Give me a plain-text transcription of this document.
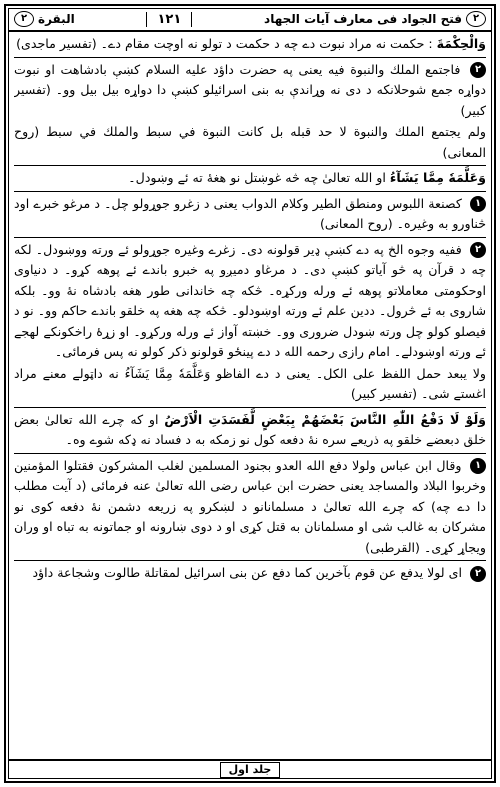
۲ البقرة	۱۲۱	فتح الجواد فی معارف آیات الجهاد	۲

وَالْحِكْمَةَ : حکمت نه مراد نبوت دے چه د حکمت د تولو نه اوچت مقام دے۔ (تفسیر ماجدی)

۲ فاجتمع الملك والنبوة فيه یعنی په حضرت داؤد علیه السلام کښې بادشاهت او نبوت دواړه جمع شوحلانکه د دی نه وړاندې به بنی اسرائیلو کښې دا دواړه بیل بیل وو۔ (تفسیر کبیر)

ولم يجتمع الملك والنبوة لا حد قبله بل كانت النبوة في سبط والملك في سبط (روح المعانی)

وَعَلَّمَهٗ مِمَّا يَشَآءُ او الله تعالیٰ چه څه غوښتل نو هغهٔ ته ئے وښودل۔

۱ کصنعة اللبوس ومنطق الطير وكلام الدواب یعنی د زغرو جوړولو چل۔ د مرغو خبرے اود څناورو به وغیره۔ (روح المعانی)

۲ ففيه وجوه الخ په دے کښې ډیر قولونه دی۔ زغرے وغیره جوړولو ئے ورته ووښودل۔ لکه چه د قرآن په څو آیاتو کښې دی۔ د مرغاو دمیږو په خبرو باندے ئے پوهه کړو۔ د دنیاوی اوحکومتی معاملاتو پوهه ئے ورله ورکړه۔ څکه چه خاندانی طور هغه بادشاه نهٔ وو۔ بلکه شاروی به ئے څرول۔ ددین علم ئے ورته اوښودلو۔ څکه چه هغه په خلقو باندے حاکم وو۔ نو د فیصلو کولو چل ورته ښودل ضروری وو۔ خښته آواز ئے ورله ورکړو۔ او زړهٔ راخکونکے لهجے ئے ورته اوښودلے۔ امام رازی رحمه الله د دے پینځو قولونو ذکر کولو نه پس فرمائی۔

ولا يبعد حمل اللفظ على الكل۔ یعنی د دے الفاظو وَعَلَّمَهٗ مِمَّا يَشَآءُ نه داټولے معنے مراد اغستے شی۔ (تفسیر کبیر)

وَلَوْ لَا دَفْعُ اللّٰهِ النَّاسَ بَعْضَهُمْ بِبَعْضٍ لَّفَسَدَتِ الْاَرْضُ او که چرے الله تعالیٰ بعض خلق دبعضے خلقو په ذریعے سره نهٔ دفعه کول نو زمکه به د فساد نه ډکه شوے وه۔

۱ وقال ابن عباس ولولا دفع الله العدو بجنود المسلمين لغلب المشركون فقتلوا المؤمنين وخربوا البلاد والمساجد یعنی حضرت ابن عباس رضی الله تعالیٰ عنه فرمائی (د آیت مطلب دا دے چه) که چرے الله تعالیٰ د مسلمانانو د لښکرو په زریعه دشمن نهٔ دفعه کوی نو مشرکان به غالب شی او مسلمانان به قتل کړی او د دوی ښارونه او جماتونه به تباه او وران ویجاړ کړی۔ (القرطبی)

۲ ای لولا يدفع عن قوم بآخرين كما دفع عن بنی اسرائيل لمقاتلة طالوت وشجاعة داؤد

جلد اول
